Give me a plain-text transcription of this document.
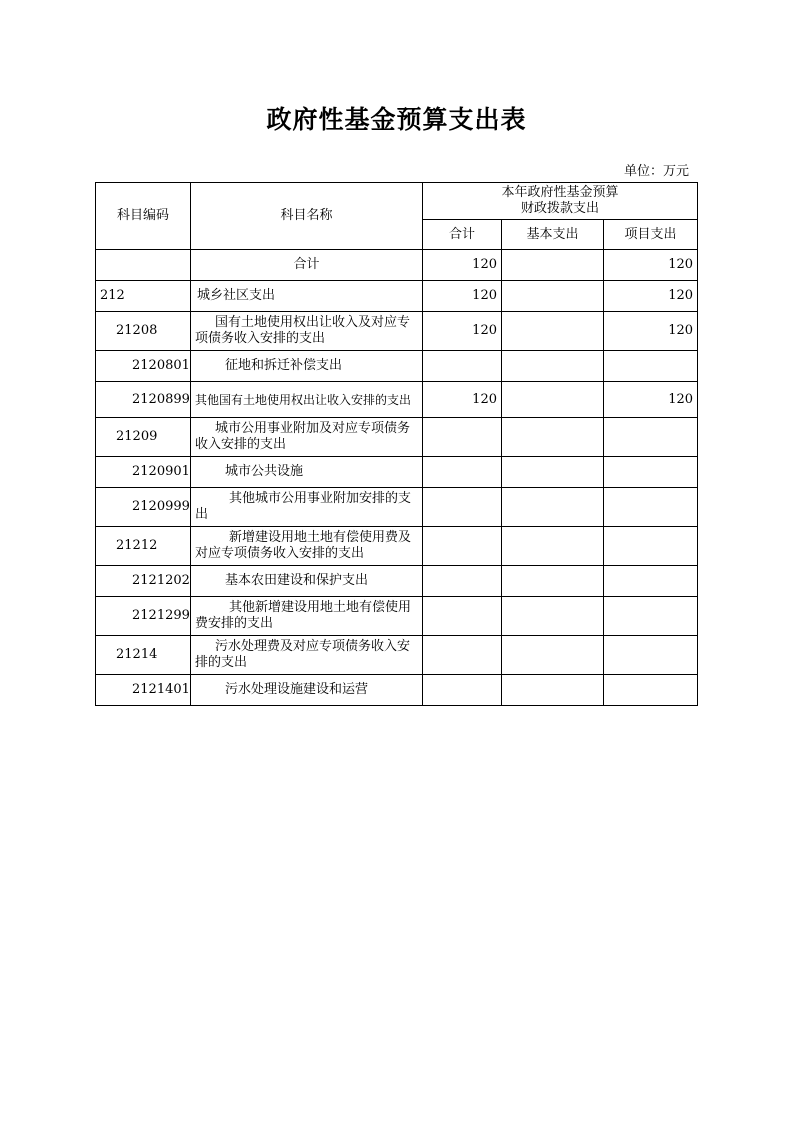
政府性基金预算支出表
单位：万元
科目编码	科目名称	本年政府性基金预算
财政拨款支出		

		合计	基本支出	项目支出
	合计	120		120
212	城乡社区支出	120		120
21208	国有土地使用权出让收入及对应专项债务收入安排的支出	120		120
2120801	征地和拆迁补偿支出			
2120899	其他国有土地使用权出让收入安排的支出	120		120
21209	城市公用事业附加及对应专项债务收入安排的支出			
2120901	城市公共设施			
2120999	其他城市公用事业附加安排的支出			
21212	新增建设用地土地有偿使用费及对应专项债务收入安排的支出			
2121202	基本农田建设和保护支出			
2121299	其他新增建设用地土地有偿使用费安排的支出			
21214	污水处理费及对应专项债务收入安排的支出			
2121401	污水处理设施建设和运营			
